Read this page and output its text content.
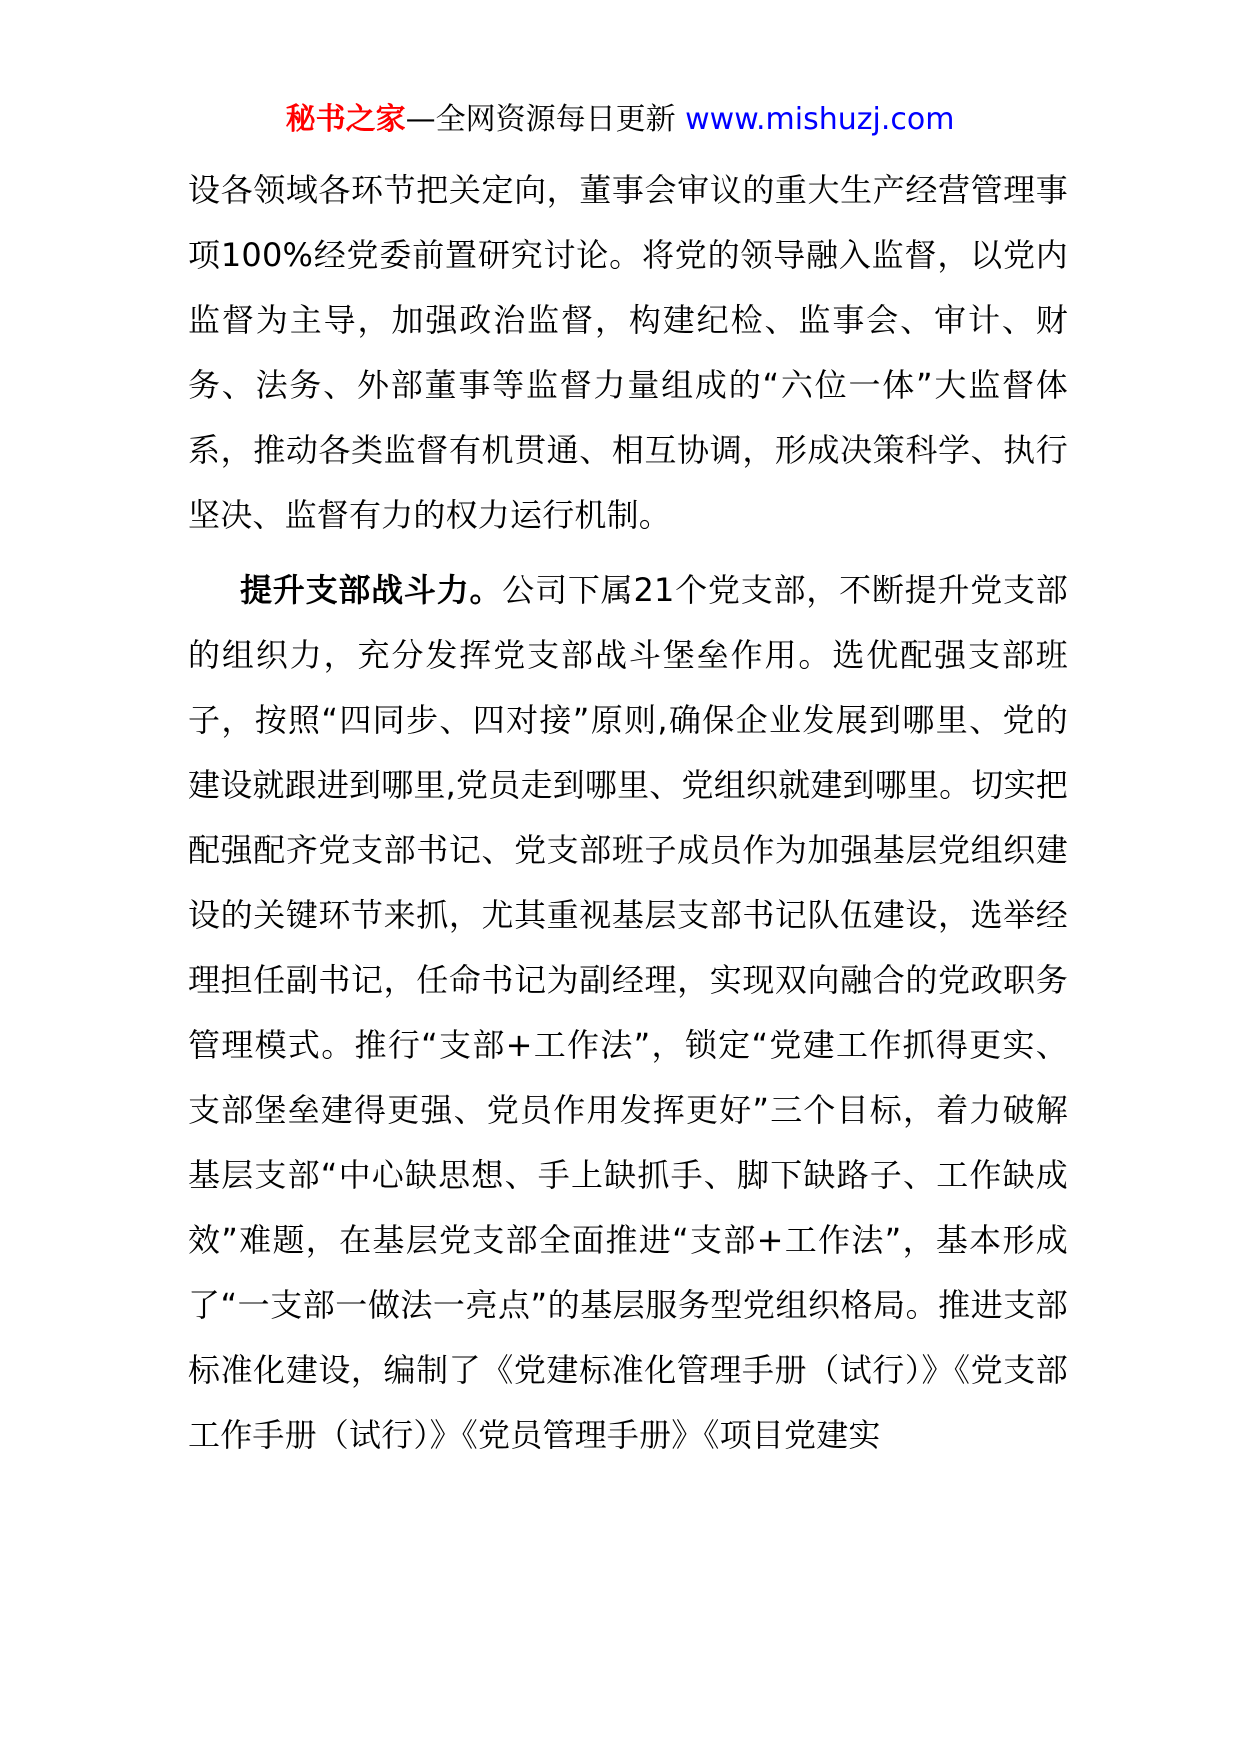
秘书之家—全网资源每日更新 www.mishuzj.com

设各领域各环节把关定向，董事会审议的重大生产经营管理事项100%经党委前置研究讨论。将党的领导融入监督，以党内监督为主导，加强政治监督，构建纪检、监事会、审计、财务、法务、外部董事等监督力量组成的“六位一体”大监督体系，推动各类监督有机贯通、相互协调，形成决策科学、执行坚决、监督有力的权力运行机制。

提升支部战斗力。公司下属21个党支部，不断提升党支部的组织力，充分发挥党支部战斗堡垒作用。选优配强支部班子，按照“四同步、四对接”原则,确保企业发展到哪里、党的建设就跟进到哪里,党员走到哪里、党组织就建到哪里。切实把配强配齐党支部书记、党支部班子成员作为加强基层党组织建设的关键环节来抓，尤其重视基层支部书记队伍建设，选举经理担任副书记，任命书记为副经理，实现双向融合的党政职务管理模式。推行“支部+工作法”，锁定“党建工作抓得更实、支部堡垒建得更强、党员作用发挥更好”三个目标，着力破解基层支部“中心缺思想、手上缺抓手、脚下缺路子、工作缺成效”难题，在基层党支部全面推进“支部+工作法”，基本形成了“一支部一做法一亮点”的基层服务型党组织格局。推进支部标准化建设，编制了《党建标准化管理手册（试行）》《党支部工作手册（试行）》《党员管理手册》《项目党建实
